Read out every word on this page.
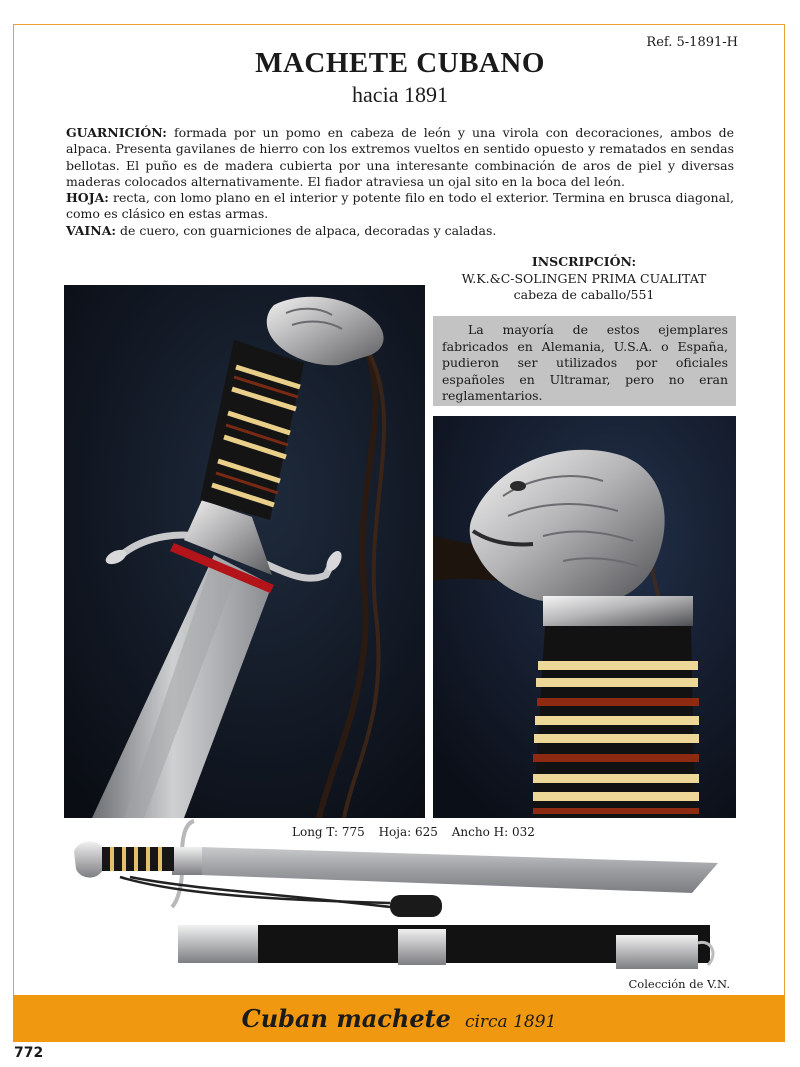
Ref. 5-1891-H
MACHETE CUBANO
hacia 1891

GUARNICIÓN: formada por un pomo en cabeza de león y una virola con decoraciones, ambos de alpaca. Presenta gavilanes de hierro con los extremos vueltos en sentido opuesto y rematados en sendas bellotas. El puño es de madera cubierta por una interesante combinación de aros de piel y diversas maderas colocados alternativamente. El fiador atraviesa un ojal sito en la boca del león.

HOJA: recta, con lomo plano en el interior y potente filo en todo el exterior. Termina en brusca diagonal, como es clásico en estas armas.

VAINA: de cuero, con guarniciones de alpaca, decoradas y caladas.

INSCRIPCIÓN:
W.K.&C-SOLINGEN PRIMA CUALITAT
cabeza de caballo/551
La mayoría de estos ejemplares fabricados en Alemania, U.S.A. o España, pudieron ser utilizados por oficiales españoles en Ultramar, pero no eran reglamentarios.
Long T: 775 Hoja: 625 Ancho H: 032
Colección de V.N.
Cuban machete circa 1891
772
